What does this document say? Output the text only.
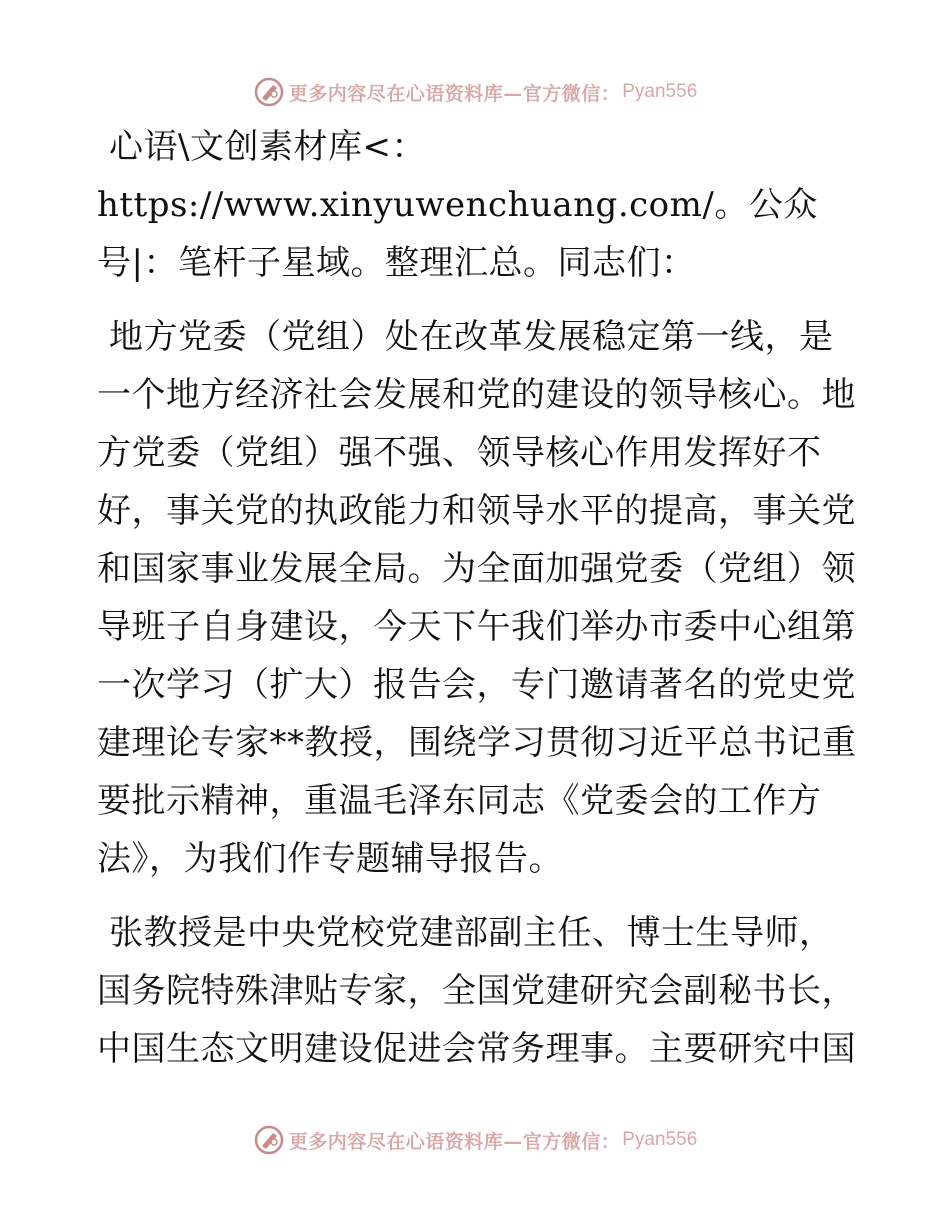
更多内容尽在心语资料库—官方微信： Pyan556

心语\文创素材库<：https://www.xinyuwenchuang.com/。公众号|：笔杆子星域。整理汇总。同志们：

地方党委（党组）处在改革发展稳定第一线，是一个地方经济社会发展和党的建设的领导核心。地方党委（党组）强不强、领导核心作用发挥好不好，事关党的执政能力和领导水平的提高，事关党和国家事业发展全局。为全面加强党委（党组）领导班子自身建设，今天下午我们举办市委中心组第一次学习（扩大）报告会，专门邀请著名的党史党建理论专家**教授，围绕学习贯彻习近平总书记重要批示精神，重温毛泽东同志《党委会的工作方法》，为我们作专题辅导报告。

张教授是中央党校党建部副主任、博士生导师，国务院特殊津贴专家，全国党建研究会副秘书长，中国生态文明建设促进会常务理事。主要研究中国

更多内容尽在心语资料库—官方微信： Pyan556
